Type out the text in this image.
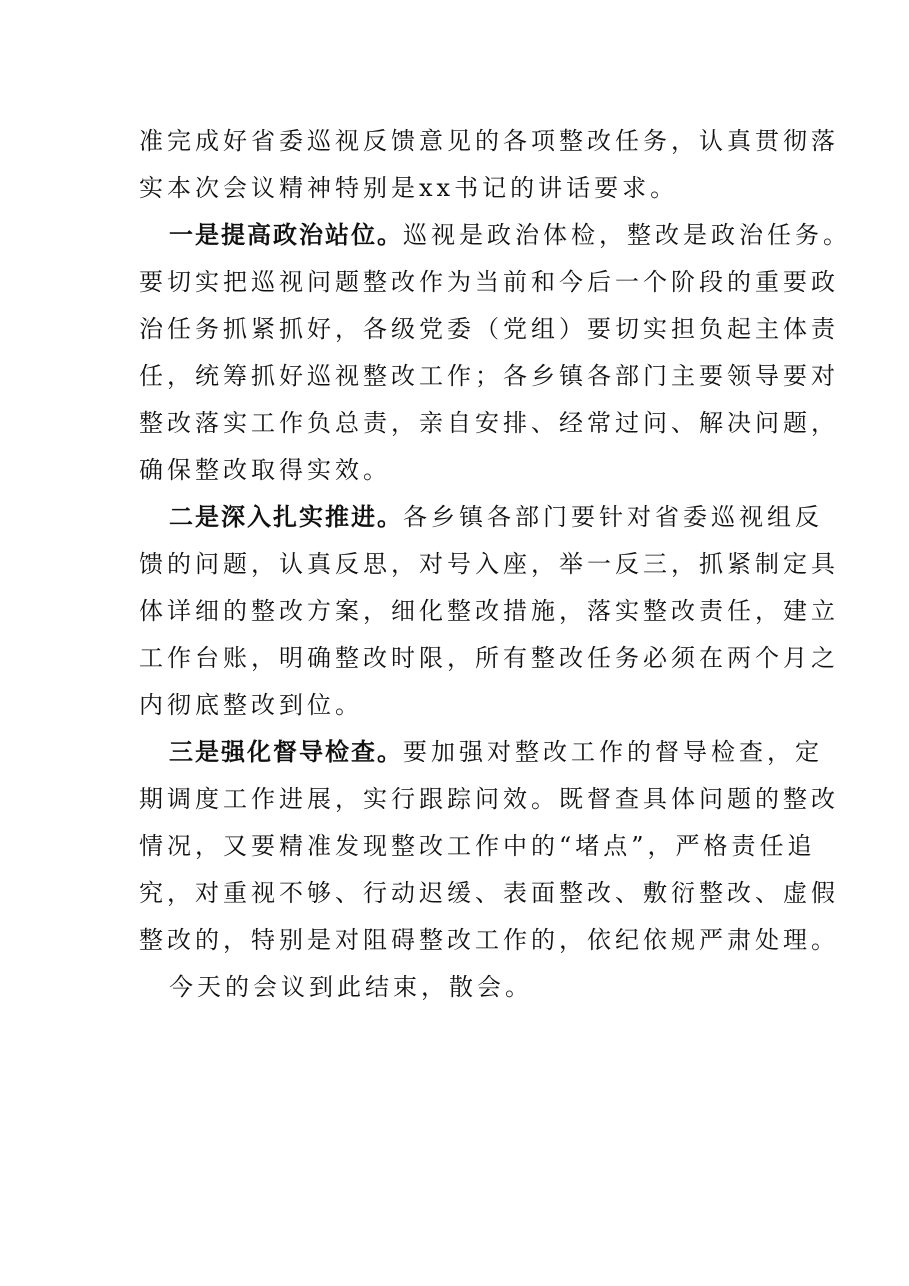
准完成好省委巡视反馈意见的各项整改任务，认真贯彻落
实本次会议精神特别是xx书记的讲话要求。
一是提高政治站位。巡视是政治体检，整改是政治任务。
要切实把巡视问题整改作为当前和今后一个阶段的重要政
治任务抓紧抓好，各级党委（党组）要切实担负起主体责
任，统筹抓好巡视整改工作；各乡镇各部门主要领导要对
整改落实工作负总责，亲自安排、经常过问、解决问题，
确保整改取得实效。
二是深入扎实推进。各乡镇各部门要针对省委巡视组反
馈的问题，认真反思，对号入座，举一反三，抓紧制定具
体详细的整改方案，细化整改措施，落实整改责任，建立
工作台账，明确整改时限，所有整改任务必须在两个月之
内彻底整改到位。
三是强化督导检查。要加强对整改工作的督导检查，定
期调度工作进展，实行跟踪问效。既督查具体问题的整改
情况，又要精准发现整改工作中的“堵点”，严格责任追
究，对重视不够、行动迟缓、表面整改、敷衍整改、虚假
整改的，特别是对阻碍整改工作的，依纪依规严肃处理。
今天的会议到此结束，散会。
